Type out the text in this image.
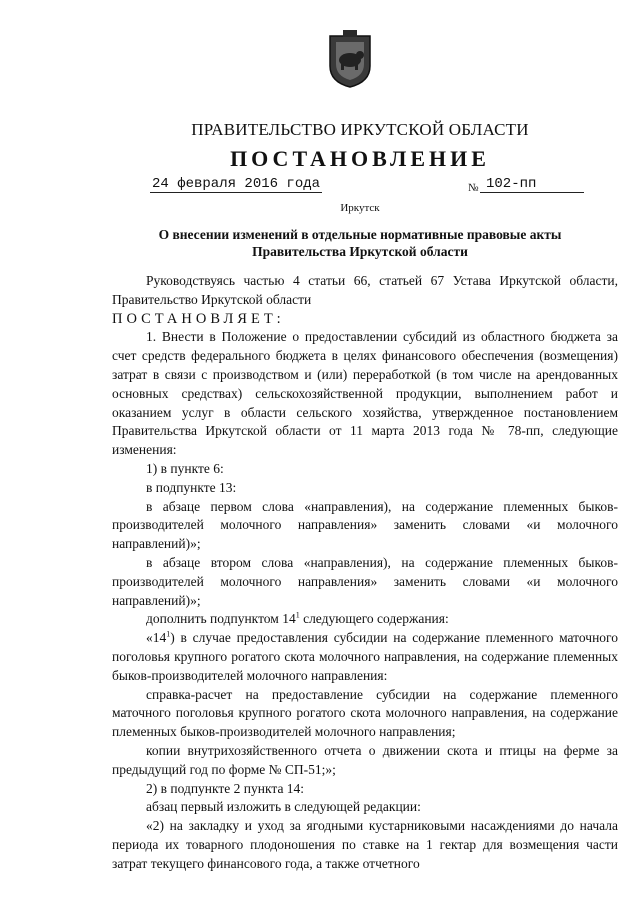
ПРАВИТЕЛЬСТВО ИРКУТСКОЙ ОБЛАСТИ
ПОСТАНОВЛЕНИЕ
24 февраля 2016 года	№ 102-пп
Иркутск
О внесении изменений в отдельные нормативные правовые акты
Правительства Иркутской области

Руководствуясь частью 4 статьи 66, статьей 67 Устава Иркутской области, Правительство Иркутской области

ПОСТАНОВЛЯЕТ:

1. Внести в Положение о предоставлении субсидий из областного бюджета за счет средств федерального бюджета в целях финансового обеспечения (возмещения) затрат в связи с производством и (или) переработкой (в том числе на арендованных основных средствах) сельскохозяйственной продукции, выполнением работ и оказанием услуг в области сельского хозяйства, утвержденное постановлением Правительства Иркутской области от 11 марта 2013 года № 78-пп, следующие изменения:

1) в пункте 6:

в подпункте 13:

в абзаце первом слова «направления), на содержание племенных быков-производителей молочного направления» заменить словами «и молочного направлений)»;

в абзаце втором слова «направления), на содержание племенных быков-производителей молочного направления» заменить словами «и молочного направлений)»;

дополнить подпунктом $14^1$ следующего содержания:

«$14^1$) в случае предоставления субсидии на содержание племенного маточного поголовья крупного рогатого скота молочного направления, на содержание племенных быков-производителей молочного направления:

справка-расчет на предоставление субсидии на содержание племенного маточного поголовья крупного рогатого скота молочного направления, на содержание племенных быков-производителей молочного направления;

копии внутрихозяйственного отчета о движении скота и птицы на ферме за предыдущий год по форме № СП-51;»;

2) в подпункте 2 пункта 14:

абзац первый изложить в следующей редакции:

«2) на закладку и уход за ягодными кустарниковыми насаждениями до начала периода их товарного плодоношения по ставке на 1 гектар для возмещения части затрат текущего финансового года, а также отчетного
